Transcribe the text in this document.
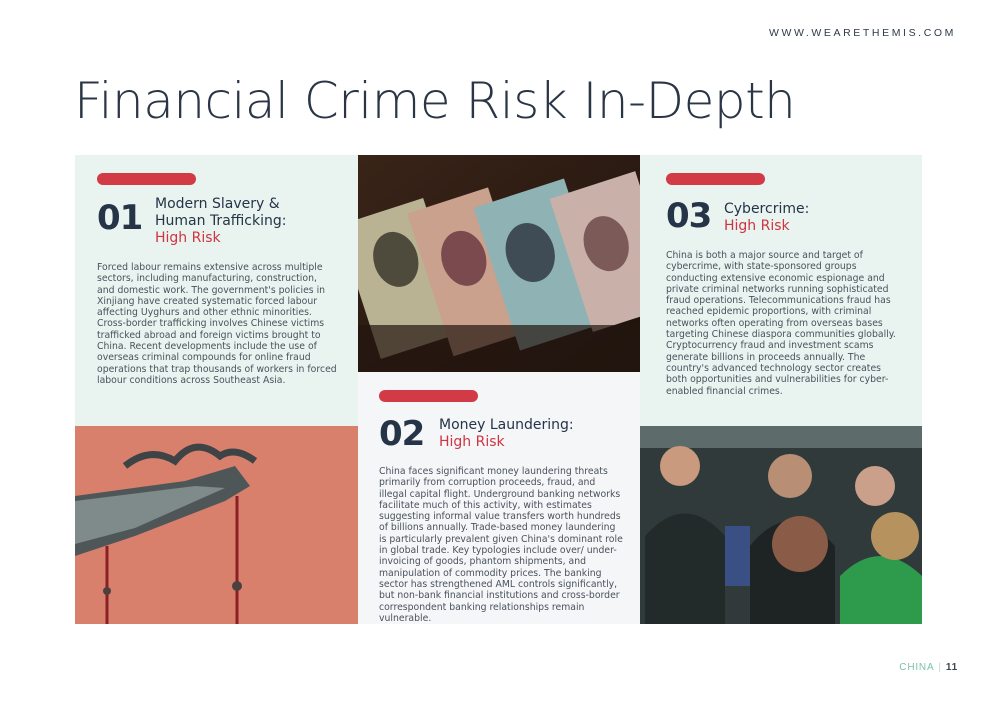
WWW.WEARETHEMIS.COM
Financial Crime Risk In-Depth
01 Modern Slavery &
Human Trafficking:
High Risk

Forced labour remains extensive across multiple sectors, including manufacturing, construction, and domestic work. The government's policies in Xinjiang have created systematic forced labour affecting Uyghurs and other ethnic minorities. Cross-border trafficking involves Chinese victims trafficked abroad and foreign victims brought to China. Recent developments include the use of overseas criminal compounds for online fraud operations that trap thousands of workers in forced labour conditions across Southeast Asia.

03 Cybercrime:
High Risk

China is both a major source and target of cybercrime, with state-sponsored groups conducting extensive economic espionage and private criminal networks running sophisticated fraud operations. Telecommunications fraud has reached epidemic proportions, with criminal networks often operating from overseas bases targeting Chinese diaspora communities globally. Cryptocurrency fraud and investment scams generate billions in proceeds annually. The country's advanced technology sector creates both opportunities and vulnerabilities for cyber-enabled financial crimes.

02 Money Laundering:
High Risk

China faces significant money laundering threats primarily from corruption proceeds, fraud, and illegal capital flight. Underground banking networks facilitate much of this activity, with estimates suggesting informal value transfers worth hundreds of billions annually. Trade-based money laundering is particularly prevalent given China's dominant role in global trade. Key typologies include over/ under-invoicing of goods, phantom shipments, and manipulation of commodity prices. The banking sector has strengthened AML controls significantly, but non-bank financial institutions and cross-border correspondent banking relationships remain vulnerable.

CHINA | 11
